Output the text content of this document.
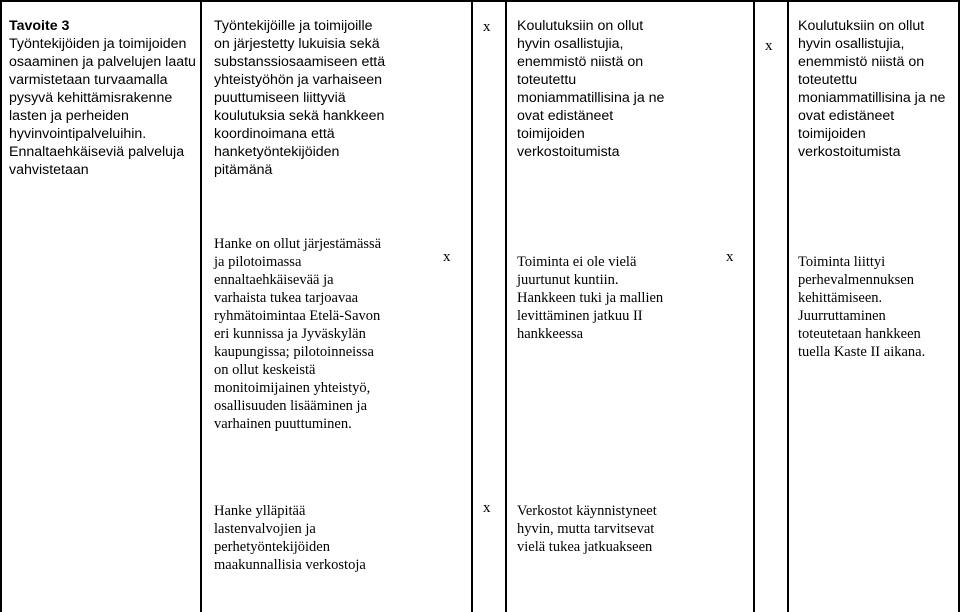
Tavoite 3
Työntekijöiden ja toimijoiden
osaaminen ja palvelujen laatu
varmistetaan turvaamalla
pysyvä kehittämisrakenne
lasten ja perheiden
hyvinvointipalveluihin.
Ennaltaehkäiseviä palveluja
vahvistetaan
Työntekijöille ja toimijoille
on järjestetty lukuisia sekä
substanssiosaamiseen että
yhteistyöhön ja varhaiseen
puuttumiseen liittyviä
koulutuksia sekä hankkeen
koordinoimana että
hanketyöntekijöiden
pitämänä
x Koulutuksiin on ollut
hyvin osallistujia,
enemmistö niistä on
toteutettu
moniammatillisina ja ne
ovat edistäneet
toimijoiden
verkostoitumista
x
Koulutuksiin on ollut
hyvin osallistujia,
enemmistö niistä on
toteutettu
moniammatillisina ja ne
ovat edistäneet
toimijoiden
verkostoitumista
Hanke on ollut järjestämässä
ja pilotoimassa
ennaltaehkäisevää ja
varhaista tukea tarjoavaa
ryhmätoimintaa Etelä-Savon
eri kunnissa ja Jyväskylän
kaupungissa; pilotoinneissa
on ollut keskeistä
monitoimijainen yhteistyö,
osallisuuden lisääminen ja
varhainen puuttuminen.
x	Toiminta ei ole vielä
juurtunut kuntiin.
Hankkeen tuki ja mallien
levittäminen jatkuu II
hankkeessa
x	Toiminta liittyi
perhevalmennuksen
kehittämiseen.
Juurruttaminen
toteutetaan hankkeen
tuella Kaste II aikana.
Hanke ylläpitää
lastenvalvojien ja
perhetyöntekijöiden
maakunnallisia verkostoja
x Verkostot käynnistyneet
hyvin, mutta tarvitsevat
vielä tukea jatkuakseen
